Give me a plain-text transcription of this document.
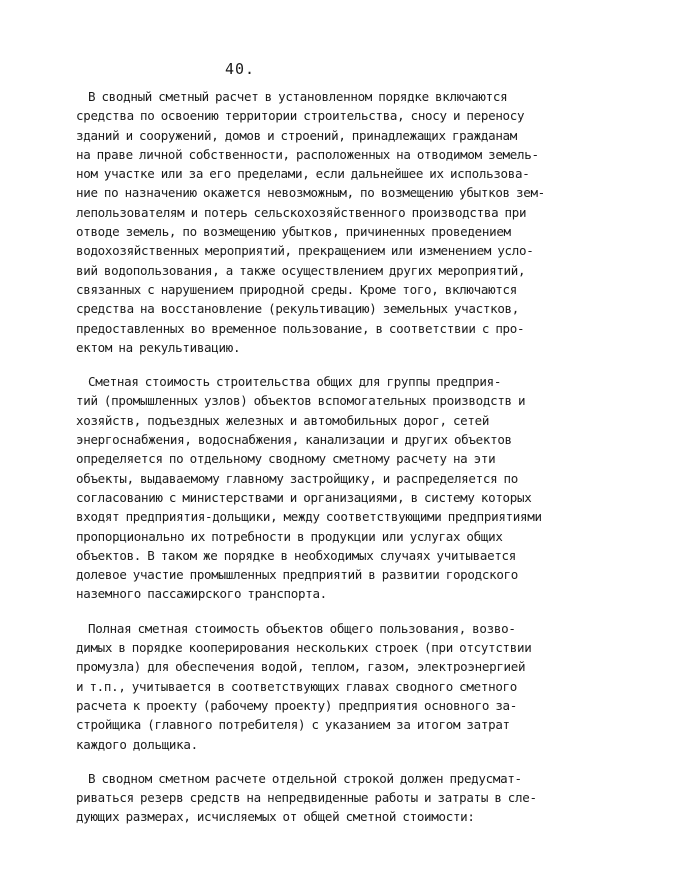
40.

В сводный сметный расчет в установленном порядке включаются
средства по освоению территории строительства, сносу и переносу
зданий и сооружений, домов и строений, принадлежащих гражданам
на праве личной собственности, расположенных на отводимом земель-
ном участке или за его пределами, если дальнейшее их использова-
ние по назначению окажется невозможным, по возмещению убытков зем-
лепользователям и потерь сельскохозяйственного производства при
отводе земель, по возмещению убытков, причиненных проведением
водохозяйственных мероприятий, прекращением или изменением усло-
вий водопользования, а также осуществлением других мероприятий,
связанных с нарушением природной среды. Кроме того, включаются
средства на восстановление (рекультивацию) земельных участков,
предоставленных во временное пользование, в соответствии с про-
ектом на рекультивацию.

Сметная стоимость строительства общих для группы предприя-
тий (промышленных узлов) объектов вспомогательных производств и
хозяйств, подъездных железных и автомобильных дорог, сетей
энергоснабжения, водоснабжения, канализации и других объектов
определяется по отдельному сводному сметному расчету на эти
объекты, выдаваемому главному застройщику, и распределяется по
согласованию с министерствами и организациями, в систему которых
входят предприятия-дольщики, между соответствующими предприятиями
пропорционально их потребности в продукции или услугах общих
объектов. В таком же порядке в необходимых случаях учитывается
долевое участие промышленных предприятий в развитии городского
наземного пассажирского транспорта.

Полная сметная стоимость объектов общего пользования, возво-
димых в порядке кооперирования нескольких строек (при отсутствии
промузла) для обеспечения водой, теплом, газом, электроэнергией
и т.п., учитывается в соответствующих главах сводного сметного
расчета к проекту (рабочему проекту) предприятия основного за-
стройщика (главного потребителя) с указанием за итогом затрат
каждого дольщика.

В сводном сметном расчете отдельной строкой должен предусмат-
риваться резерв средств на непредвиденные работы и затраты в сле-
дующих размерах, исчисляемых от общей сметной стоимости:
